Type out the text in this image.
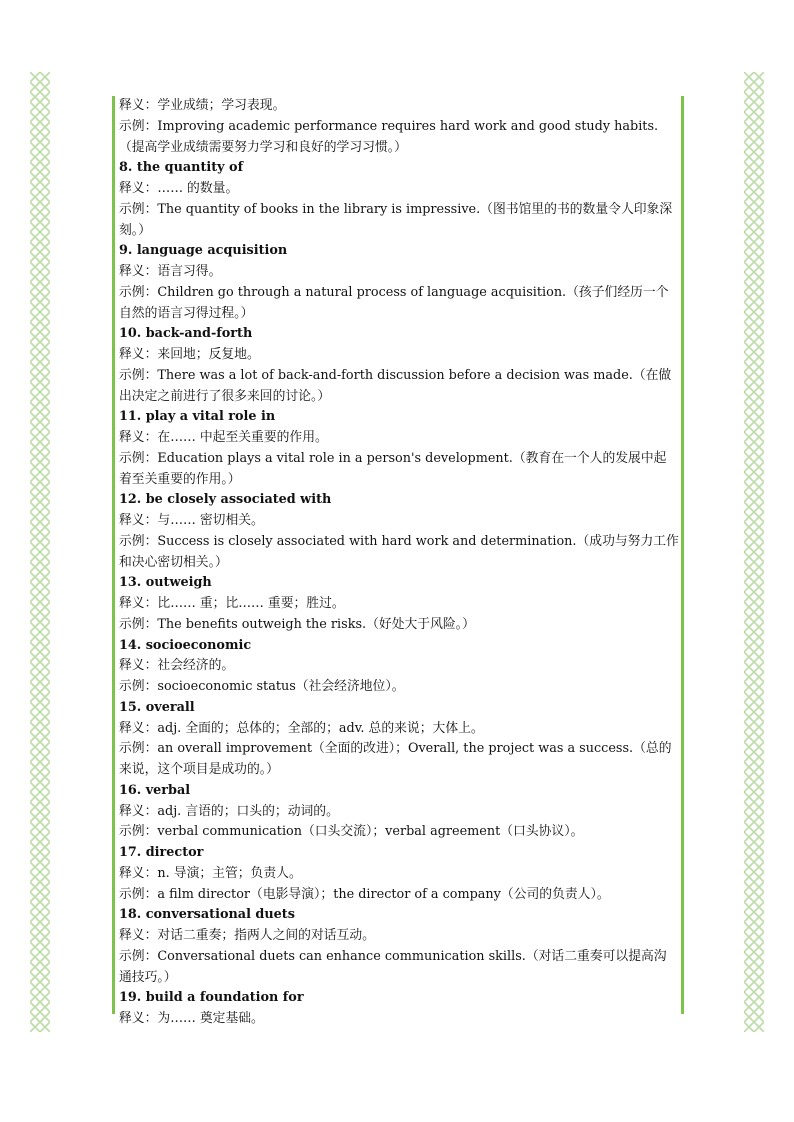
释义：学业成绩；学习表现。
示例：Improving academic performance requires hard work and good study habits.（提高学业成绩需要努力学习和良好的学习习惯。）
8. the quantity of
释义：…… 的数量。
示例：The quantity of books in the library is impressive.（图书馆里的书的数量令人印象深刻。）
9. language acquisition
释义：语言习得。
示例：Children go through a natural process of language acquisition.（孩子们经历一个自然的语言习得过程。）
10. back-and-forth
释义：来回地；反复地。
示例：There was a lot of back-and-forth discussion before a decision was made.（在做出决定之前进行了很多来回的讨论。）
11. play a vital role in
释义：在…… 中起至关重要的作用。
示例：Education plays a vital role in a person's development.（教育在一个人的发展中起着至关重要的作用。）
12. be closely associated with
释义：与…… 密切相关。
示例：Success is closely associated with hard work and determination.（成功与努力工作和决心密切相关。）
13. outweigh
释义：比…… 重；比…… 重要；胜过。
示例：The benefits outweigh the risks.（好处大于风险。）
14. socioeconomic
释义：社会经济的。
示例：socioeconomic status（社会经济地位）。
15. overall
释义：adj. 全面的；总体的；全部的；adv. 总的来说；大体上。
示例：an overall improvement（全面的改进）；Overall, the project was a success.（总的来说，这个项目是成功的。）
16. verbal
释义：adj. 言语的；口头的；动词的。
示例：verbal communication（口头交流）；verbal agreement（口头协议）。
17. director
释义：n. 导演；主管；负责人。
示例：a film director（电影导演）；the director of a company（公司的负责人）。
18. conversational duets
释义：对话二重奏；指两人之间的对话互动。
示例：Conversational duets can enhance communication skills.（对话二重奏可以提高沟通技巧。）
19. build a foundation for
释义：为…… 奠定基础。
